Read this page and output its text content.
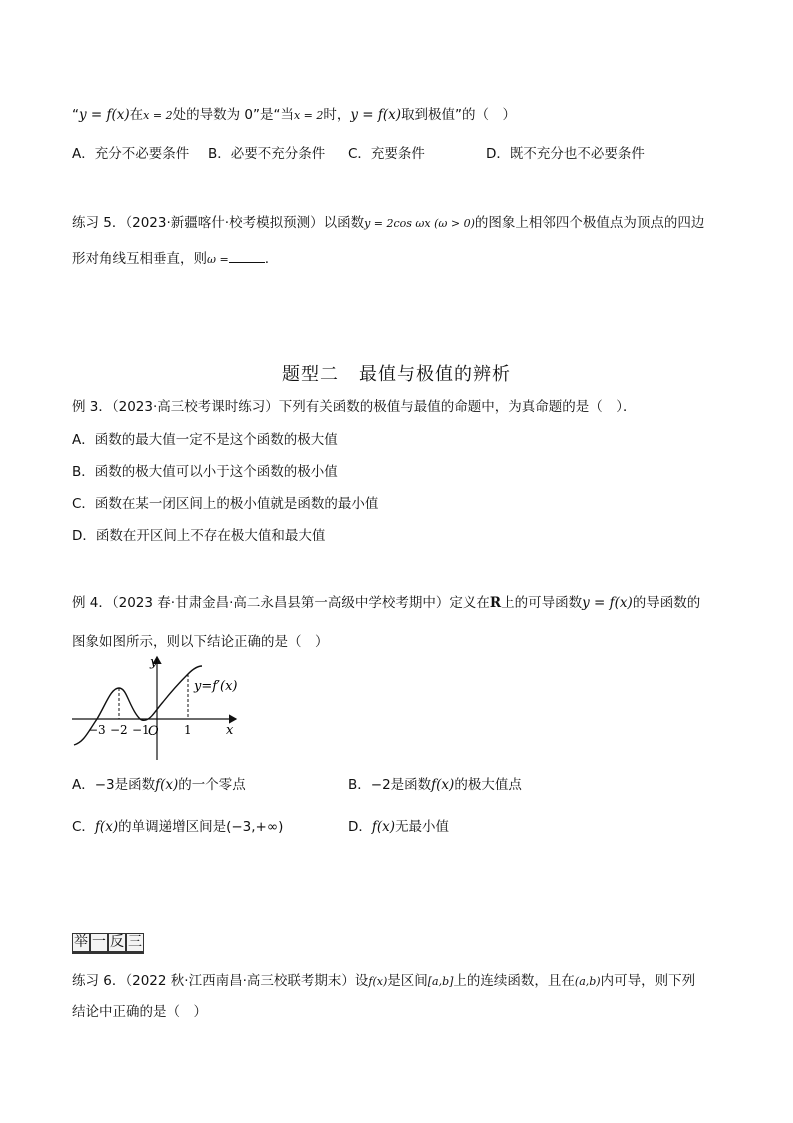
“y = f(x)在x = 2处的导数为 0”是“当x = 2时，y = f(x)取到极值”的（　）
A．充分不必要条件 B．必要不充分条件 C．充要条件	D．既不充分也不必要条件
练习 5．（2023·新疆喀什·校考模拟预测）以函数y = 2cos ωx (ω > 0)的图象上相邻四个极值点为顶点的四边
形对角线互相垂直，则ω =	.
题型二 最值与极值的辨析
例 3．（2023·高三校考课时练习）下列有关函数的极值与最值的命题中，为真命题的是（　）．
A．函数的最大值一定不是这个函数的极大值
B．函数的极大值可以小于这个函数的极小值
C．函数在某一闭区间上的极小值就是函数的最小值
D．函数在开区间上不存在极大值和最大值
例 4．（2023 春·甘肃金昌·高二永昌县第一高级中学校考期中）定义在R上的可导函数y = f(x)的导函数的
图象如图所示，则以下结论正确的是（　）
y
x
y=f′(x)
O
−3 −2 −1	1
A．−3是函数f(x)的一个零点	B．−2是函数f(x)的极大值点
C．f(x)的单调递增区间是(−3,+∞)	D．f(x)无最小值
举 一 反 三
练习 6．（2022 秋·江西南昌·高三校联考期末）设f(x)是区间[a,b]上的连续函数，且在(a,b)内可导，则下列
结论中正确的是（　）
